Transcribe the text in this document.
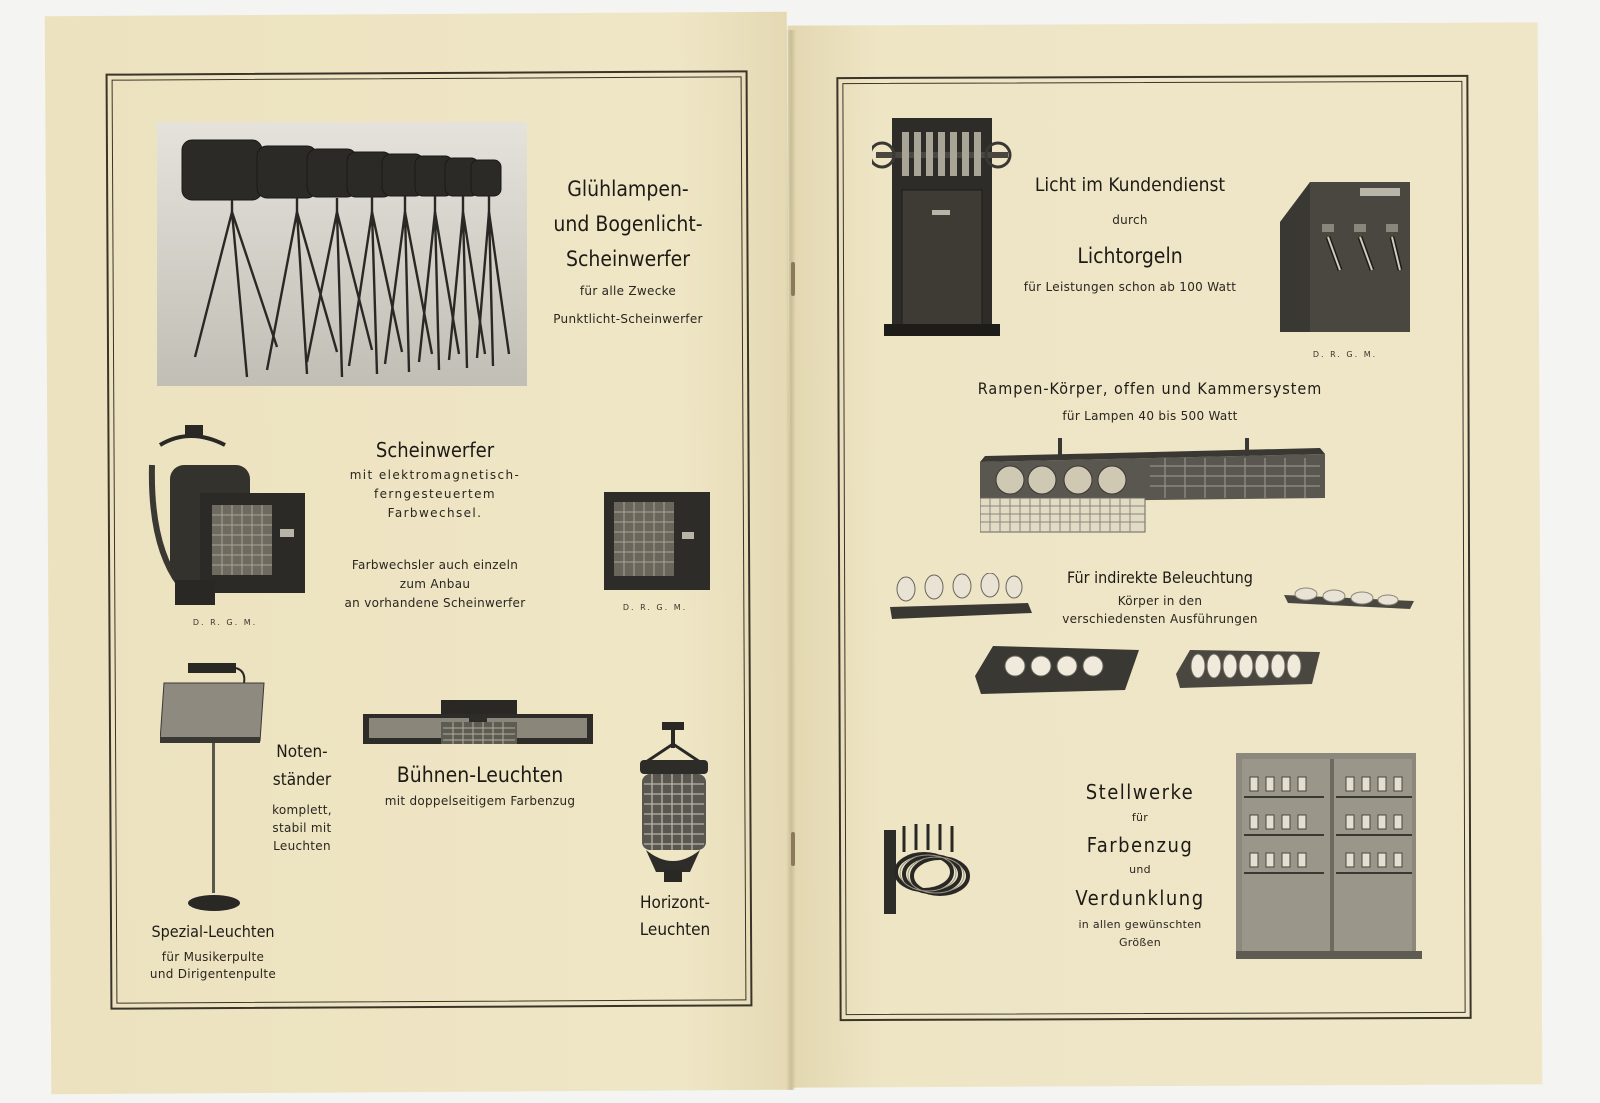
Glühlampen-
und Bogenlicht-
Scheinwerfer
für alle Zwecke
Punktlicht-Scheinwerfer
D. R. G. M.
Scheinwerfer
mit elektromagnetisch-
ferngesteuertem
Farbwechsel.
Farbwechsler auch einzeln
zum Anbau
an vorhandene Scheinwerfer	D. R. G. M.
Noten-
ständer
komplett,
stabil mit
Leuchten
Bühnen-Leuchten
mit doppelseitigem Farbenzug
Horizont-
Leuchten
Spezial-Leuchten
für Musikerpulte
und Dirigentenpulte
Licht im Kundendienst
durch
Lichtorgeln
für Leistungen schon ab 100 Watt
D. R. G. M.
Rampen-Körper, offen und Kammersystem
für Lampen 40 bis 500 Watt
Für indirekte Beleuchtung
Körper in den
verschiedensten Ausführungen
Stellwerke
für
Farbenzug
und
Verdunklung
in allen gewünschten
Größen
